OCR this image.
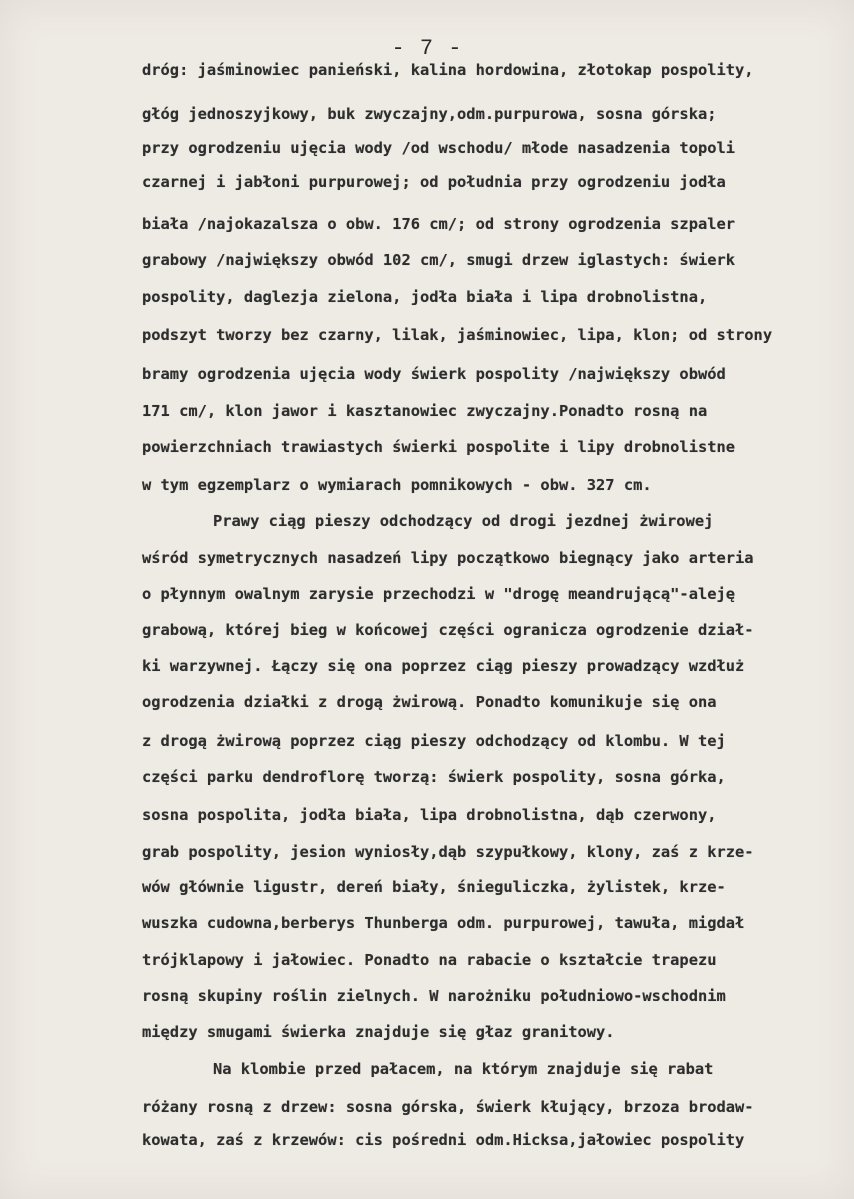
- 7 -
dróg: jaśminowiec panieński, kalina hordowina, złotokap pospolity,
głóg jednoszyjkowy, buk zwyczajny,odm.purpurowa, sosna górska;
przy ogrodzeniu ujęcia wody /od wschodu/ młode nasadzenia topoli
czarnej i jabłoni purpurowej; od południa przy ogrodzeniu jodła
biała /najokazalsza o obw. 176 cm/; od strony ogrodzenia szpaler
grabowy /największy obwód 102 cm/, smugi drzew iglastych: świerk
pospolity, daglezja zielona, jodła biała i lipa drobnolistna,
podszyt tworzy bez czarny, lilak, jaśminowiec, lipa, klon; od strony
bramy ogrodzenia ujęcia wody świerk pospolity /największy obwód
171 cm/, klon jawor i kasztanowiec zwyczajny.Ponadto rosną na
powierzchniach trawiastych świerki pospolite i lipy drobnolistne
w tym egzemplarz o wymiarach pomnikowych - obw. 327 cm.
Prawy ciąg pieszy odchodzący od drogi jezdnej żwirowej
wśród symetrycznych nasadzeń lipy początkowo biegnący jako arteria
o płynnym owalnym zarysie przechodzi w "drogę meandrującą"-aleję
grabową, której bieg w końcowej części ogranicza ogrodzenie dział-
ki warzywnej. Łączy się ona poprzez ciąg pieszy prowadzący wzdłuż
ogrodzenia działki z drogą żwirową. Ponadto komunikuje się ona
z drogą żwirową poprzez ciąg pieszy odchodzący od klombu. W tej
części parku dendroflorę tworzą: świerk pospolity, sosna górka,
sosna pospolita, jodła biała, lipa drobnolistna, dąb czerwony,
grab pospolity, jesion wyniosły,dąb szypułkowy, klony, zaś z krze-
wów głównie ligustr, dereń biały, śnieguliczka, żylistek, krze-
wuszka cudowna,berberys Thunberga odm. purpurowej, tawuła, migdał
trójklapowy i jałowiec. Ponadto na rabacie o kształcie trapezu
rosną skupiny roślin zielnych. W narożniku południowo-wschodnim
między smugami świerka znajduje się głaz granitowy.
Na klombie przed pałacem, na którym znajduje się rabat
różany rosną z drzew: sosna górska, świerk kłujący, brzoza brodaw-
kowata, zaś z krzewów: cis pośredni odm.Hicksa,jałowiec pospolity
